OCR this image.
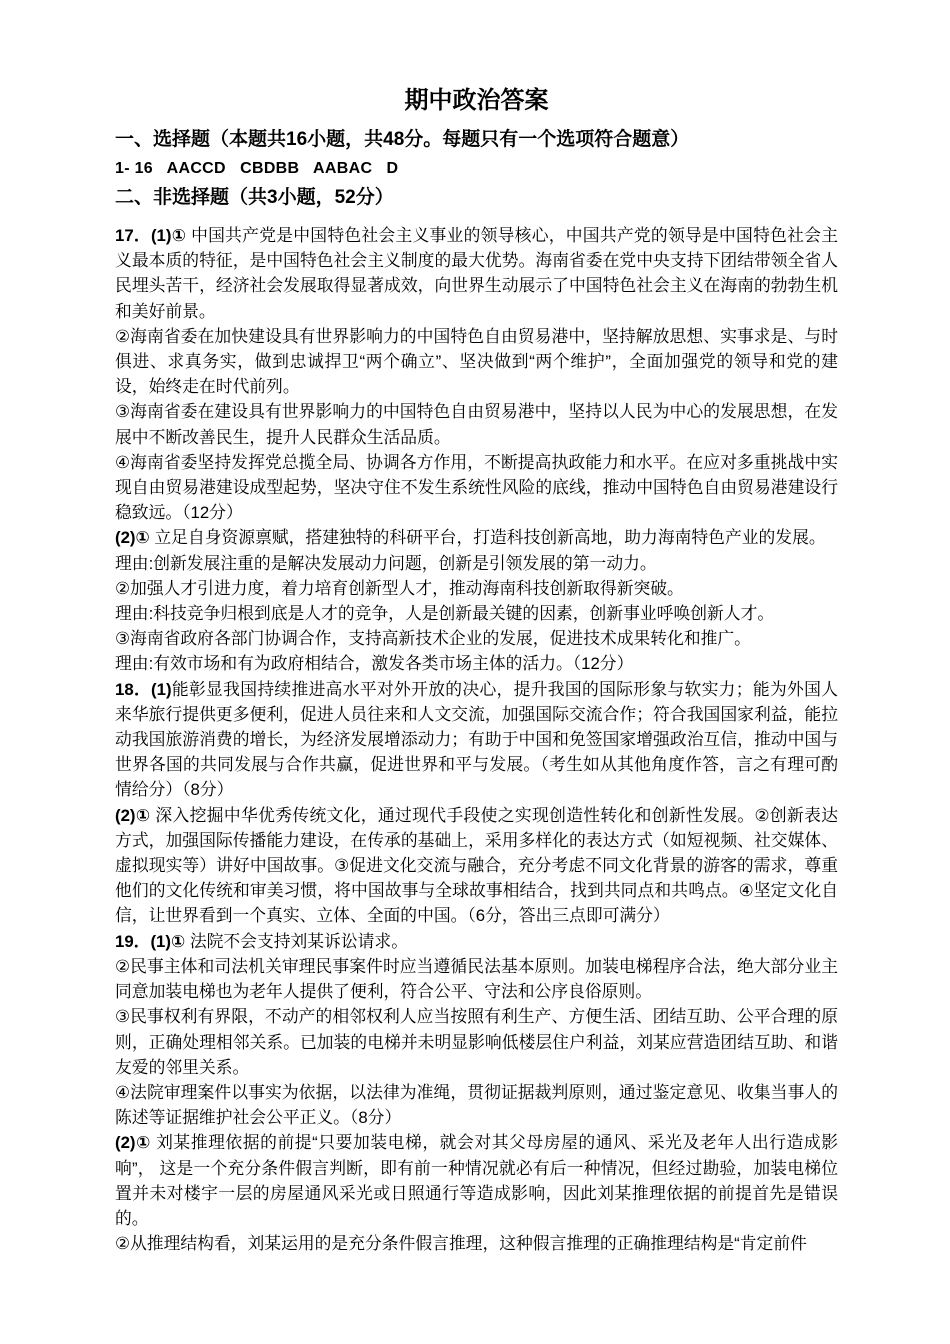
期中政治答案

一、选择题（本题共16小题，共48分。每题只有一个选项符合题意）

1- 16   AACCD   CBDBB   AABAC   D

二、非选择题（共3小题，52分）

17．(1)① 中国共产党是中国特色社会主义事业的领导核心，中国共产党的领导是中国特色社会主义最本质的特征，是中国特色社会主义制度的最大优势。海南省委在党中央支持下团结带领全省人民埋头苦干，经济社会发展取得显著成效，向世界生动展示了中国特色社会主义在海南的勃勃生机和美好前景。

②海南省委在加快建设具有世界影响力的中国特色自由贸易港中，坚持解放思想、实事求是、与时俱进、求真务实，做到忠诚捍卫“两个确立”、坚决做到“两个维护”，全面加强党的领导和党的建设，始终走在时代前列。

③海南省委在建设具有世界影响力的中国特色自由贸易港中，坚持以人民为中心的发展思想，在发展中不断改善民生，提升人民群众生活品质。

④海南省委坚持发挥党总揽全局、协调各方作用，不断提高执政能力和水平。在应对多重挑战中实现自由贸易港建设成型起势，坚决守住不发生系统性风险的底线，推动中国特色自由贸易港建设行稳致远。（12分）

(2)① 立足自身资源禀赋，搭建独特的科研平台，打造科技创新高地，助力海南特色产业的发展。

理由:创新发展注重的是解决发展动力问题，创新是引领发展的第一动力。

②加强人才引进力度，着力培育创新型人才，推动海南科技创新取得新突破。

理由:科技竞争归根到底是人才的竞争，人是创新最关键的因素，创新事业呼唤创新人才。

③海南省政府各部门协调合作，支持高新技术企业的发展，促进技术成果转化和推广。

理由:有效市场和有为政府相结合，激发各类市场主体的活力。（12分）

18．(1)能彰显我国持续推进高水平对外开放的决心，提升我国的国际形象与软实力；能为外国人来华旅行提供更多便利，促进人员往来和人文交流，加强国际交流合作；符合我国国家利益，能拉动我国旅游消费的增长，为经济发展增添动力；有助于中国和免签国家增强政治互信，推动中国与世界各国的共同发展与合作共赢，促进世界和平与发展。（考生如从其他角度作答，言之有理可酌情给分）（8分）

(2)① 深入挖掘中华优秀传统文化，通过现代手段使之实现创造性转化和创新性发展。②创新表达方式，加强国际传播能力建设，在传承的基础上，采用多样化的表达方式（如短视频、社交媒体、虚拟现实等）讲好中国故事。③促进文化交流与融合，充分考虑不同文化背景的游客的需求，尊重他们的文化传统和审美习惯，将中国故事与全球故事相结合，找到共同点和共鸣点。④坚定文化自信，让世界看到一个真实、立体、全面的中国。（6分，答出三点即可满分）

19．(1)① 法院不会支持刘某诉讼请求。

②民事主体和司法机关审理民事案件时应当遵循民法基本原则。加装电梯程序合法，绝大部分业主同意加装电梯也为老年人提供了便利，符合公平、守法和公序良俗原则。

③民事权利有界限，不动产的相邻权利人应当按照有利生产、方便生活、团结互助、公平合理的原则，正确处理相邻关系。已加装的电梯并未明显影响低楼层住户利益，刘某应营造团结互助、和谐友爱的邻里关系。

④法院审理案件以事实为依据，以法律为准绳，贯彻证据裁判原则，通过鉴定意见、收集当事人的陈述等证据维护社会公平正义。（8分）

(2)① 刘某推理依据的前提“只要加装电梯，就会对其父母房屋的通风、采光及老年人出行造成影响”， 这是一个充分条件假言判断，即有前一种情况就必有后一种情况，但经过勘验，加装电梯位置并未对楼宇一层的房屋通风采光或日照通行等造成影响，因此刘某推理依据的前提首先是错误的。

②从推理结构看，刘某运用的是充分条件假言推理，这种假言推理的正确推理结构是“肯定前件
